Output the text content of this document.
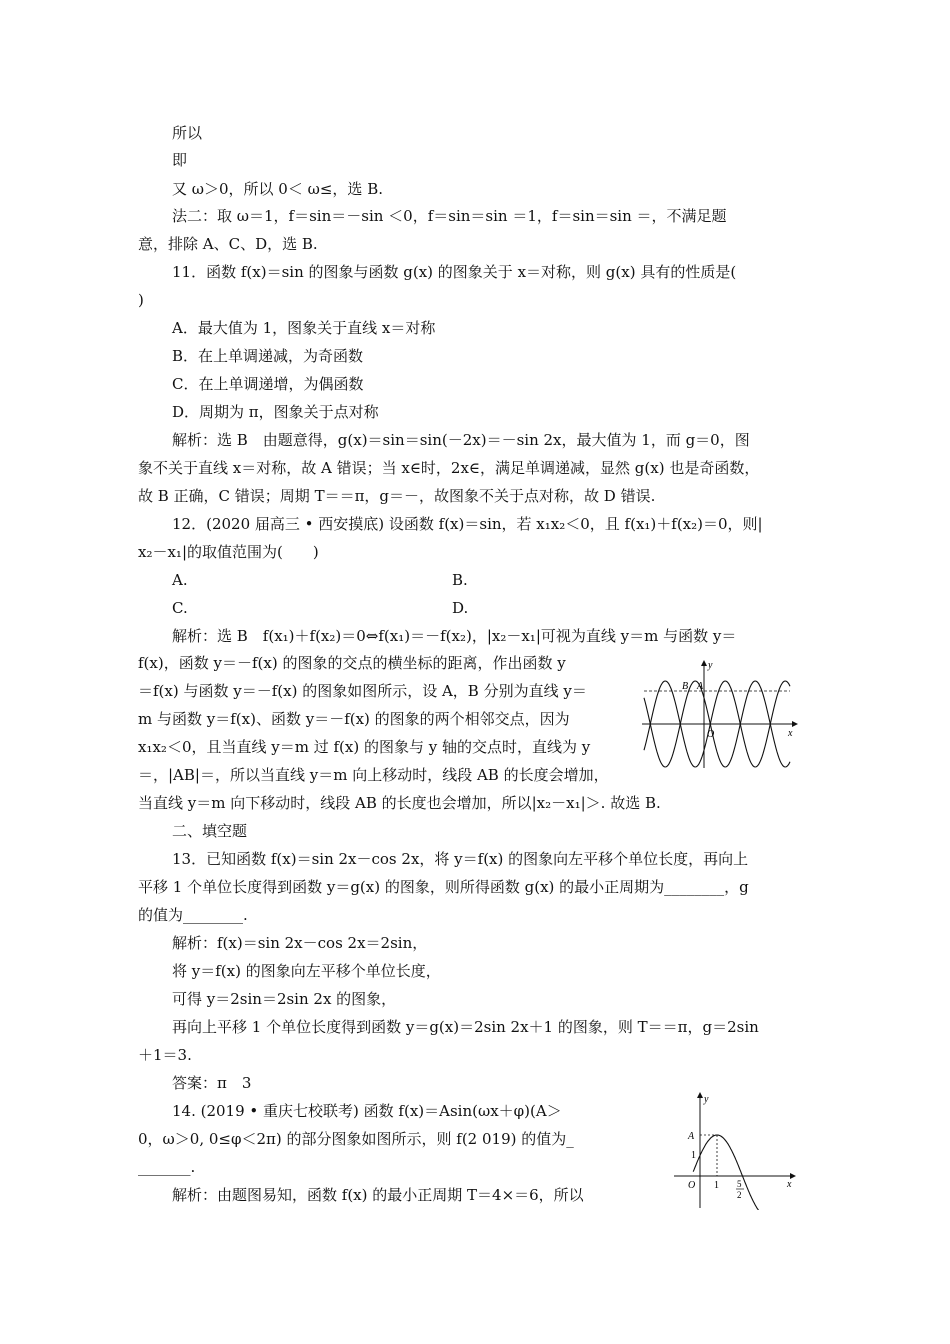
所以
即
又 ω＞0，所以 0＜ ω≤，选 B.
法二：取 ω＝1，f＝sin＝－sin ＜0，f＝sin＝sin ＝1，f＝sin＝sin ＝，不满足题
意，排除 A、C、D，选 B.
11．函数 f(x)＝sin 的图象与函数 g(x) 的图象关于 x＝对称，则 g(x) 具有的性质是(
)
A．最大值为 1，图象关于直线 x＝对称
B．在上单调递减，为奇函数
C．在上单调递增，为偶函数
D．周期为 π，图象关于点对称
解析：选 B　由题意得，g(x)＝sin＝sin(－2x)＝－sin 2x，最大值为 1，而 g＝0，图
象不关于直线 x＝对称，故 A 错误；当 x∈时，2x∈，满足单调递减，显然 g(x) 也是奇函数，
故 B 正确，C 错误；周期 T＝＝π，g＝－，故图象不关于点对称，故 D 错误.
12．(2020 届高三 • 西安摸底) 设函数 f(x)＝sin，若 x₁x₂＜0，且 f(x₁)＋f(x₂)＝0，则|
x₂－x₁|的取值范围为(　　)
A.	B.
C.	D.
解析：选 B　f(x₁)＋f(x₂)＝0⇔f(x₁)＝－f(x₂)，|x₂－x₁|可视为直线 y＝m 与函数 y＝
f(x)，函数 y＝－f(x) 的图象的交点的横坐标的距离，作出函数 y
＝f(x) 与函数 y＝－f(x) 的图象如图所示，设 A，B 分别为直线 y＝
m 与函数 y＝f(x)、函数 y＝－f(x) 的图象的两个相邻交点，因为
x₁x₂＜0，且当直线 y＝m 过 f(x) 的图象与 y 轴的交点时，直线为 y
＝，|AB|＝，所以当直线 y＝m 向上移动时，线段 AB 的长度会增加，
当直线 y＝m 向下移动时，线段 AB 的长度也会增加，所以|x₂－x₁|＞. 故选 B.
二、填空题
13．已知函数 f(x)＝sin 2x－cos 2x，将 y＝f(x) 的图象向左平移个单位长度，再向上
平移 1 个单位长度得到函数 y＝g(x) 的图象，则所得函数 g(x) 的最小正周期为________，g
的值为________.
解析：f(x)＝sin 2x－cos 2x＝2sin，
将 y＝f(x) 的图象向左平移个单位长度，
可得 y＝2sin＝2sin 2x 的图象，
再向上平移 1 个单位长度得到函数 y＝g(x)＝2sin 2x＋1 的图象，则 T＝＝π，g＝2sin
＋1＝3.
答案：π　3
14. (2019 • 重庆七校联考) 函数 f(x)＝Asin(ωx＋φ)(A＞
0，ω＞0, 0≤φ＜2π) 的部分图象如图所示，则 f(2 019) 的值为_
_______.
解析：由题图易知，函数 f(x) 的最小正周期 T＝4×＝6，所以
y
x
O
B A
y
x
O
A
1
1 5
2
